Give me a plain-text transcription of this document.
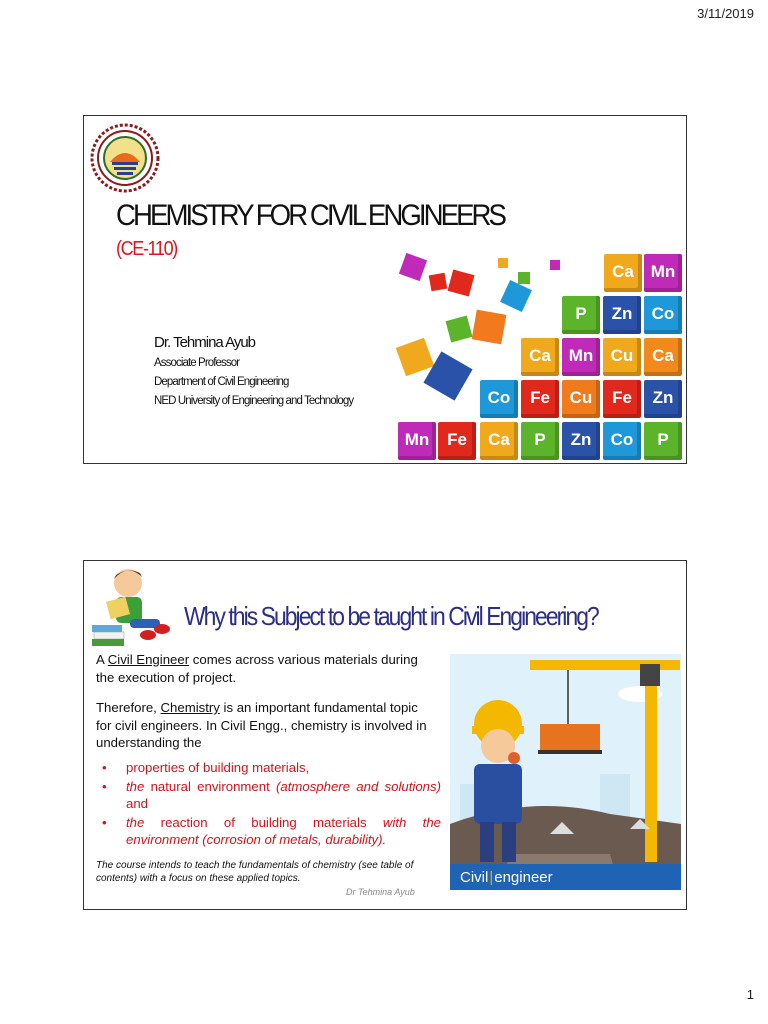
3/11/2019
CHEMISTRY FOR CIVIL ENGINEERS
(CE-110)
Dr. Tehmina Ayub
Associate Professor
Department of Civil Engineering
NED University of Engineering and Technology
Ca Mn
P Zn Co
Ca Mn Cu Ca
Co Fe Cu Fe Zn
Mn Fe Ca P Zn Co P
Why this Subject to be taught in Civil Engineering?
A Civil Engineer comes across various materials during the execution of project.
Therefore, Chemistry is an important fundamental topic for civil engineers. In Civil Engg., chemistry is involved in understanding the
• properties of building materials,
• the natural environment (atmosphere and solutions) and
• the reaction of building materials with the environment (corrosion of metals, durability).
The course intends to teach the fundamentals of chemistry (see table of contents) with a focus on these applied topics.
Dr Tehmina Ayub
Civil | engineer
1
